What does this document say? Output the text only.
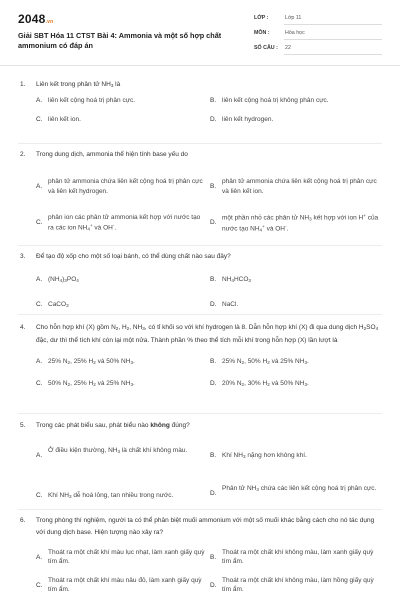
2048.vn
Giải SBT Hóa 11 CTST Bài 4: Ammonia và một số hợp chất ammonium có đáp án
LỚP :	Lớp 11
MÔN :	Hóa học
SỐ CÂU : 22
1. Liên kết trong phân tử $NH_3$ là
A. liên kết cộng hoá trị phân cực.	B. liên kết cộng hoá trị không phân cực.
C. liên kết ion.	D. liên kết hydrogen.
2. Trong dung dịch, ammonia thể hiện tính base yếu do
A.
phân tử ammonia chứa liên kết cộng hoá trị phân cực và liên kết hydrogen.
B.
phân tử ammonia chứa liên kết cộng hoá trị phân cực và liên kết ion.
C.
phân ion các phân tử ammonia kết hợp với nước tạo ra các ion $NH_4^+$ và OH-.
D.
một phần nhỏ các phân tử $NH_3$ kết hợp với ion H+ của nước tạo $NH_4^+$ và OH-.
3. Để tạo độ xốp cho một số loại bánh, có thể dùng chất nào sau đây?
A. $(NH_4)_3PO_4$	B. $NH_4HCO_3$
C. CaCO$_3$	D. NaCl.
4. Cho hỗn hợp khí (X) gồm $N_2$, $H_2$, $NH_3$, có tỉ khối so với khí hydrogen là 8. Dẫn hỗn hợp khí (X) đi qua dung dịch $H_2SO_4$ đặc, dư thì thể tích khí còn lại một nửa. Thành phần % theo thể tích mỗi khí trong hỗn hợp (X) lần lượt là
A. 25% $N_2$, 25% $H_2$ và 50% $NH_3$.	B. 25% $N_2$, 50% $H_2$ và 25% $NH_3$.
C. 50% $N_2$, 25% $H_2$ và 25% $NH_3$.	D. 20% $N_2$, 30% $H_2$ và 50% $NH_3$.
5. Trong các phát biểu sau, phát biểu nào không đúng?
A.
Ở điều kiện thường, $NH_3$ là chất khí không màu.
B. Khí $NH_3$ nặng hơn không khí.
C. Khí $NH_3$ dễ hoá lỏng, tan nhiều trong nước.	D.
Phân tử $NH_3$ chứa các liên kết cộng hoá trị phân cực.
6. Trong phòng thí nghiệm, người ta có thể phân biệt muối ammonium với một số muối khác bằng cách cho nó tác dụng với dung dịch base. Hiện tượng nào xảy ra?
A.
Thoát ra một chất khí màu lục nhạt, làm xanh giấy quỳ tím ẩm.
B.
Thoát ra một chất khí không màu, làm xanh giấy quỳ tím ẩm.
C.
Thoát ra một chất khí màu nâu đỏ, làm xanh giấy quỳ tím ẩm.
D.
Thoát ra một chất khí không màu, làm hồng giấy quỳ tím ẩm.
